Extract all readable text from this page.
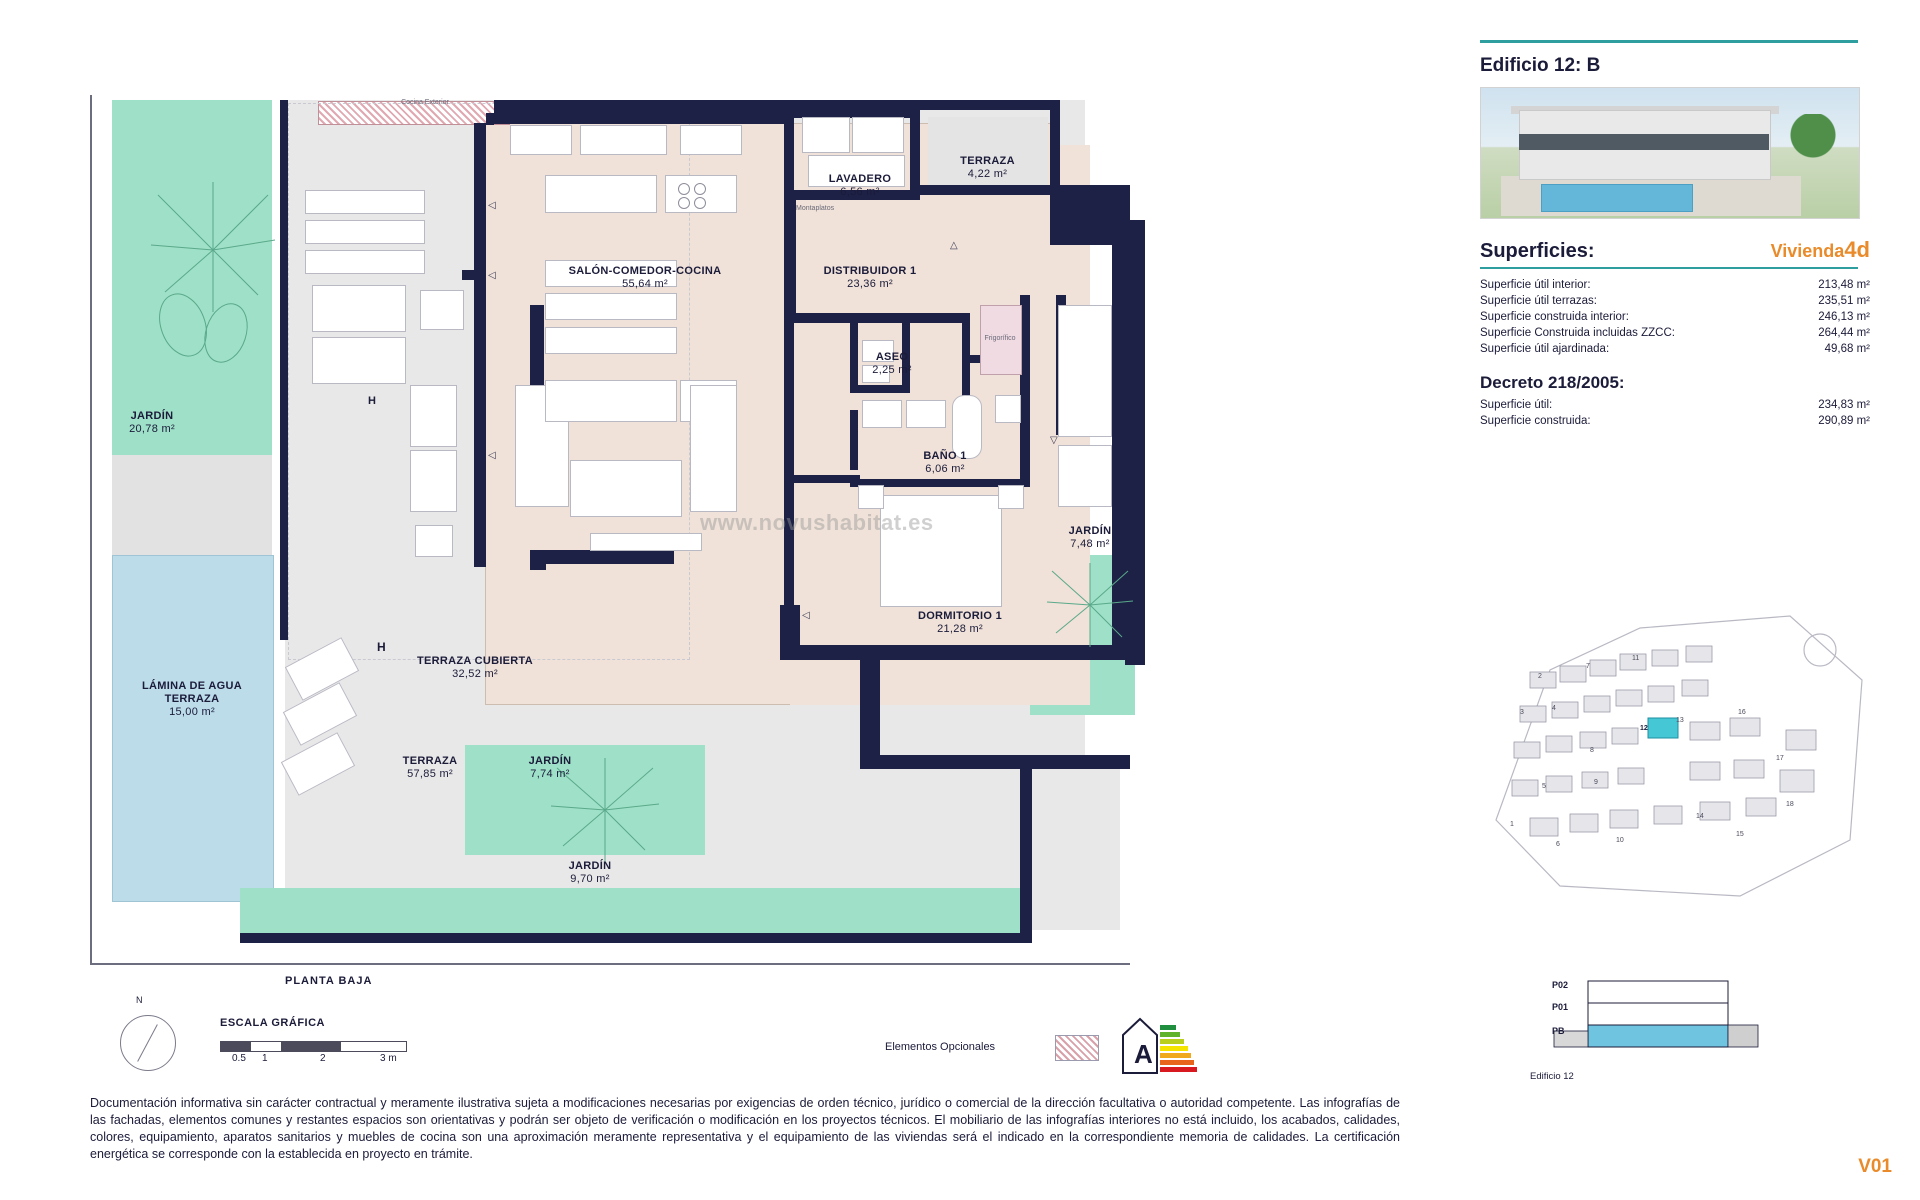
△
◁
◁
◁
◁
▽
JARDÍN
20,78 m²
LÁMINA DE AGUA TERRAZA
15,00 m²
TERRAZA CUBIERTA
32,52 m²
TERRAZA
57,85 m²
JARDÍN
7,74 m²
JARDÍN
9,70 m²
SALÓN-COMEDOR-COCINA
55,64 m²
LAVADERO
6,56 m²
TERRAZA
4,22 m²
DISTRIBUIDOR 1
23,36 m²
ASEO
2,25 m²
BAÑO 1
6,06 m²
DORMITORIO 1
21,28 m²
JARDÍN
7,48 m²
Cocina Exterior
Montaplatos
Frigorífico
H
H
www.novushabitat.es
PLANTA BAJA
N
ESCALA GRÁFICA
0.5 1	2	3 m
Elementos Opcionales	A
Documentación informativa sin carácter contractual y meramente ilustrativa sujeta a modificaciones necesarias por exigencias de orden técnico, jurídico o comercial de la dirección facultativa o autoridad competente. Las infografías de las fachadas, elementos comunes y restantes espacios son orientativas y podrán ser objeto de verificación o modificación en los proyectos técnicos. El mobiliario de las infografías interiores no está incluido, los acabados, calidades, colores, equipamiento, aparatos sanitarios y muebles de cocina son una aproximación meramente representativa y el equipamiento de las viviendas será el indicado en la correspondiente memoria de calidades. La certificación energética se corresponde con la establecida en proyecto en trámite.
Edificio 12: B
Superficies:	Vivienda4d
Superficie útil interior:	213,48 m²
Superficie útil terrazas:	235,51 m²
Superficie construida interior:	246,13 m²
Superficie Construida incluidas ZZCC:	264,44 m²
Superficie útil ajardinada:	49,68 m²
Decreto 218/2005:
Superficie útil:	234,83 m²
Superficie construida:	290,89 m²
1
2
3
4
5
6
7
8
9
10
11
12
13
14
15
16
17
18
P02
P01
PB
Edificio 12
V01
